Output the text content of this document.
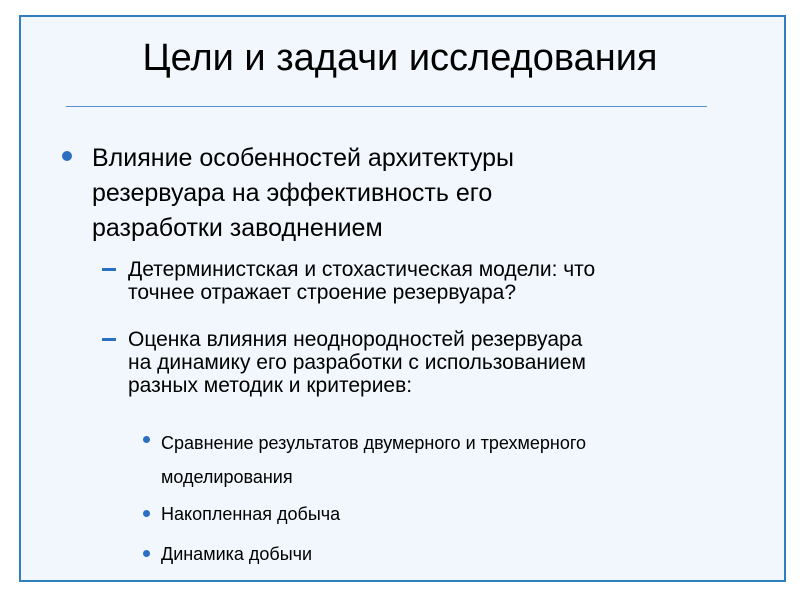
Цели и задачи исследования
Влияние особенностей архитектуры
резервуара на эффективность его
разработки заводнением
Детерминистская и стохастическая модели: что
точнее отражает строение резервуара?
Оценка влияния неоднородностей резервуара
на динамику его разработки с использованием
разных методик и критериев:
Сравнение результатов двумерного и трехмерного
моделирования
Накопленная добыча
Динамика добычи
